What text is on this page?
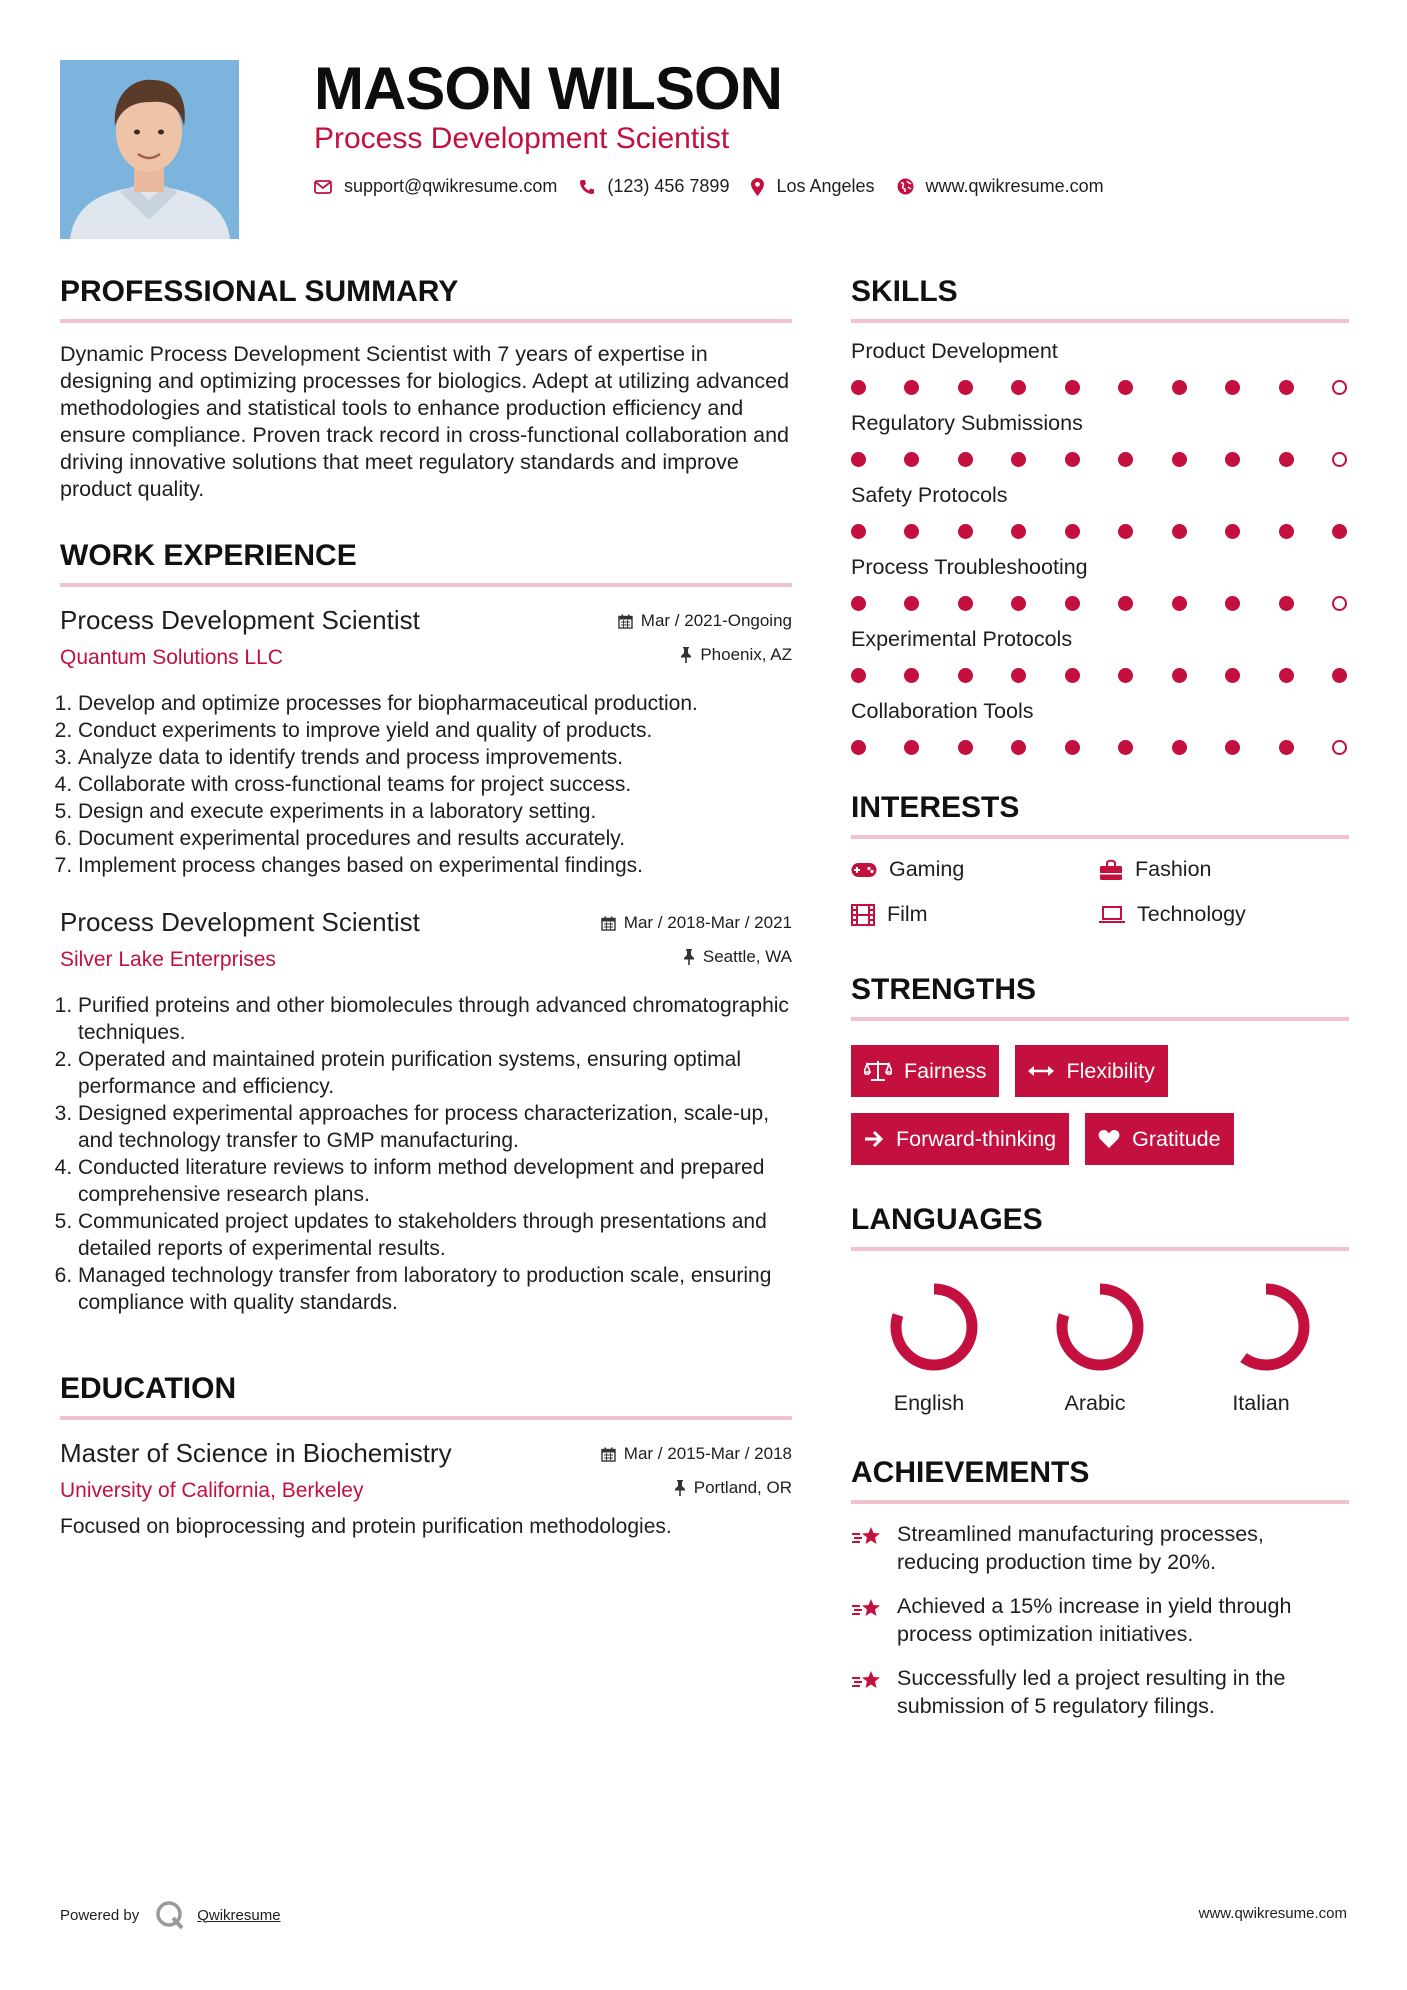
MASON WILSON
Process Development Scientist
support@qwikresume.com	(123) 456 7899	Los Angeles	www.qwikresume.com
PROFESSIONAL SUMMARY
Dynamic Process Development Scientist with 7 years of expertise in designing and optimizing processes for biologics. Adept at utilizing advanced methodologies and statistical tools to enhance production efficiency and ensure compliance. Proven track record in cross-functional collaboration and driving innovative solutions that meet regulatory standards and improve product quality.
WORK EXPERIENCE
Process Development Scientist
Quantum Solutions LLC
Mar / 2021-Ongoing
Phoenix, AZ
1. Develop and optimize processes for biopharmaceutical production.
2. Conduct experiments to improve yield and quality of products.
3. Analyze data to identify trends and process improvements.
4. Collaborate with cross-functional teams for project success.
5. Design and execute experiments in a laboratory setting.
6. Document experimental procedures and results accurately.
7. Implement process changes based on experimental findings.
Process Development Scientist
Silver Lake Enterprises
Mar / 2018-Mar / 2021
Seattle, WA
1. Purified proteins and other biomolecules through advanced chromatographic techniques.
2. Operated and maintained protein purification systems, ensuring optimal performance and efficiency.
3. Designed experimental approaches for process characterization, scale-up, and technology transfer to GMP manufacturing.
4. Conducted literature reviews to inform method development and prepared comprehensive research plans.
5. Communicated project updates to stakeholders through presentations and detailed reports of experimental results.
6. Managed technology transfer from laboratory to production scale, ensuring compliance with quality standards.
EDUCATION
Master of Science in Biochemistry
University of California, Berkeley
Mar / 2015-Mar / 2018
Portland, OR
Focused on bioprocessing and protein purification methodologies.
SKILLS
Product Development
Regulatory Submissions
Safety Protocols
Process Troubleshooting
Experimental Protocols
Collaboration Tools
INTERESTS
Gaming	Fashion
Film	Technology
STRENGTHS
Fairness	Flexibility
Forward-thinking	Gratitude
LANGUAGES
English	Arabic	Italian
ACHIEVEMENTS
Streamlined manufacturing processes, reducing production time by 20%.
Achieved a 15% increase in yield through process optimization initiatives.
Successfully led a project resulting in the submission of 5 regulatory filings.
Powered by	Qwikresume	www.qwikresume.com
